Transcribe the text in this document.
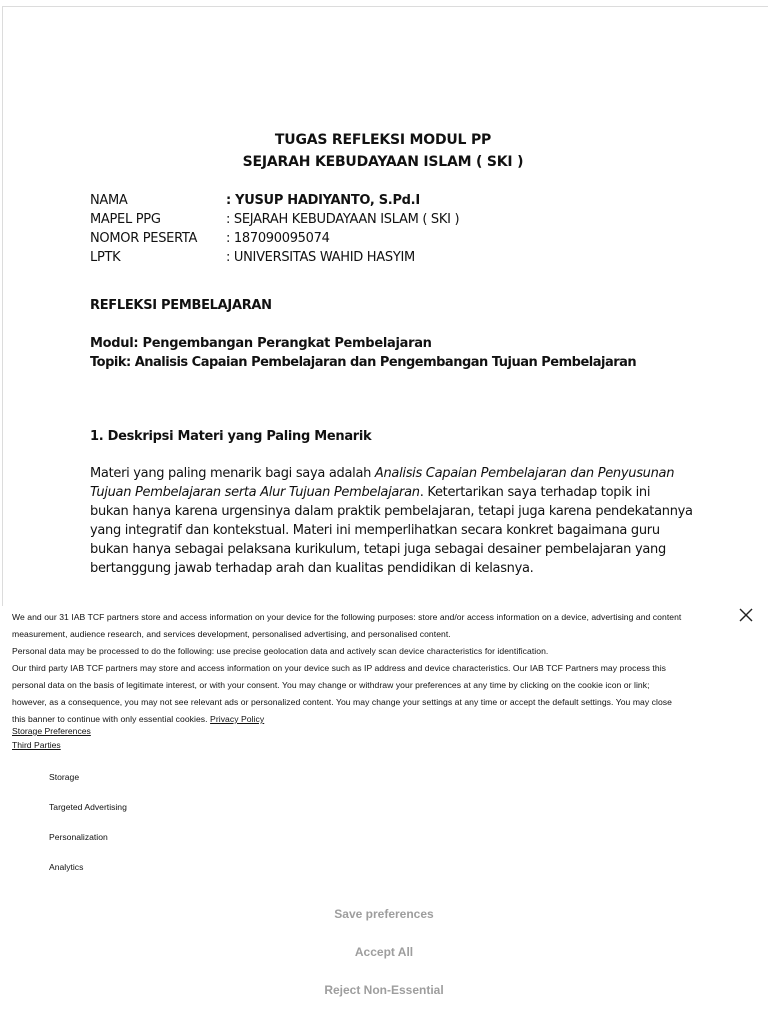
TUGAS REFLEKSI MODUL PP
SEJARAH KEBUDAYAAN ISLAM ( SKI )
NAMA	: YUSUP HADIYANTO, S.Pd.I
MAPEL PPG	: SEJARAH KEBUDAYAAN ISLAM ( SKI )
NOMOR PESERTA : 187090095074
LPTK	: UNIVERSITAS WAHID HASYIM
REFLEKSI PEMBELAJARAN
Modul: Pengembangan Perangkat Pembelajaran
Topik: Analisis Capaian Pembelajaran dan Pengembangan Tujuan Pembelajaran
1. Deskripsi Materi yang Paling Menarik
Materi yang paling menarik bagi saya adalah Analisis Capaian Pembelajaran dan Penyusunan
Tujuan Pembelajaran serta Alur Tujuan Pembelajaran. Ketertarikan saya terhadap topik ini
bukan hanya karena urgensinya dalam praktik pembelajaran, tetapi juga karena pendekatannya
yang integratif dan kontekstual. Materi ini memperlihatkan secara konkret bagaimana guru
bukan hanya sebagai pelaksana kurikulum, tetapi juga sebagai desainer pembelajaran yang
bertanggung jawab terhadap arah dan kualitas pendidikan di kelasnya.
We and our 31 IAB TCF partners store and access information on your device for the following purposes: store and/or access information on a device, advertising and content
measurement, audience research, and services development, personalised advertising, and personalised content.
Personal data may be processed to do the following: use precise geolocation data and actively scan device characteristics for identification.
Our third party IAB TCF partners may store and access information on your device such as IP address and device characteristics. Our IAB TCF Partners may process this
personal data on the basis of legitimate interest, or with your consent. You may change or withdraw your preferences at any time by clicking on the cookie icon or link;
however, as a consequence, you may not see relevant ads or personalized content. You may change your settings at any time or accept the default settings. You may close
this banner to continue with only essential cookies. Privacy Policy
Storage Preferences
Third Parties
Storage
Targeted Advertising
Personalization
Analytics
Save preferences
Accept All
Reject Non-Essential
